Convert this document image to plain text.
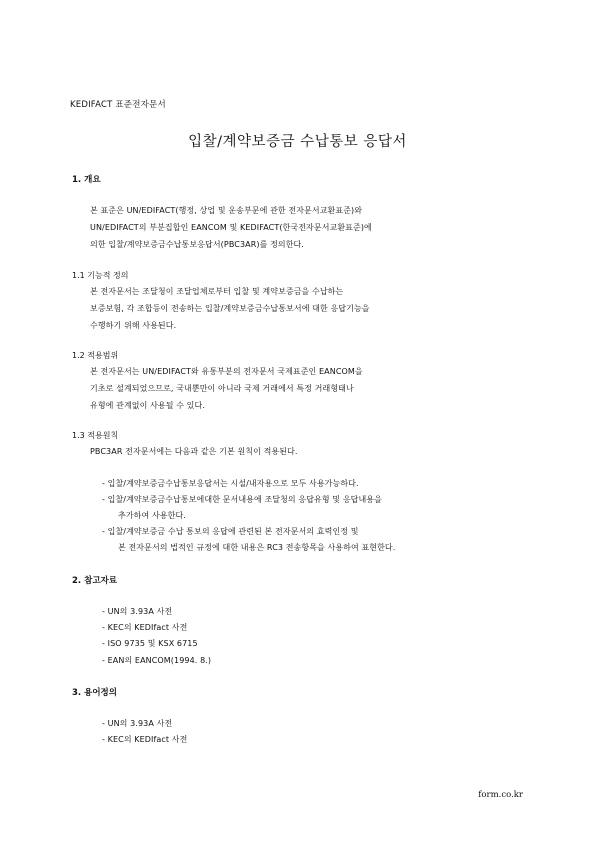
KEDIFACT 표준전자문서
입찰/계약보증금 수납통보 응답서
1. 개요
본 표준은 UN/EDIFACT(행정, 상업 및 운송부문에 관한 전자문서교환표준)와
UN/EDIFACT의 부분집합인 EANCOM 및 KEDIFACT(한국전자문서교환표준)에
의한 입찰/계약보증금수납통보응답서(PBC3AR)를 정의한다.
1.1 기능적 정의
본 전자문서는 조달청이 조달업체로부터 입찰 및 계약보증금을 수납하는
보증보험, 각 조합등이 전송하는 입찰/계약보증금수납통보서에 대한 응답기능을
수행하기 위해 사용된다.
1.2 적용범위
본 전자문서는 UN/EDIFACT와 유통부분의 전자문서 국제표준인 EANCOM을
기초로 설계되었으므로, 국내뿐만이 아니라 국제 거래에서 특정 거래형태나
유형에 관계없이 사용될 수 있다.
1.3 적용원칙
PBC3AR 전자문서에는 다음과 같은 기본 원칙이 적용된다.
- 입찰/계약보증금수납통보응답서는 시설/내자용으로 모두 사용가능하다.
- 입찰/계약보증금수납통보에대한 문서내용에 조달청의 응답유형 및 응답내용을
추가하여 사용한다.
- 입찰/계약보증금 수납 통보의 응답에 관련된 본 전자문서의 효력인정 및
본 전자문서의 법적인 규정에 대한 내용은 RC3 전송항목을 사용하여 표현한다.
2. 참고자료
- UN의 3.93A 사전
- KEC의 KEDIfact 사전
- ISO 9735 및 KSX 6715
- EAN의 EANCOM(1994. 8.)
3. 용어정의
- UN의 3.93A 사전
- KEC의 KEDIfact 사전
form.co.kr
